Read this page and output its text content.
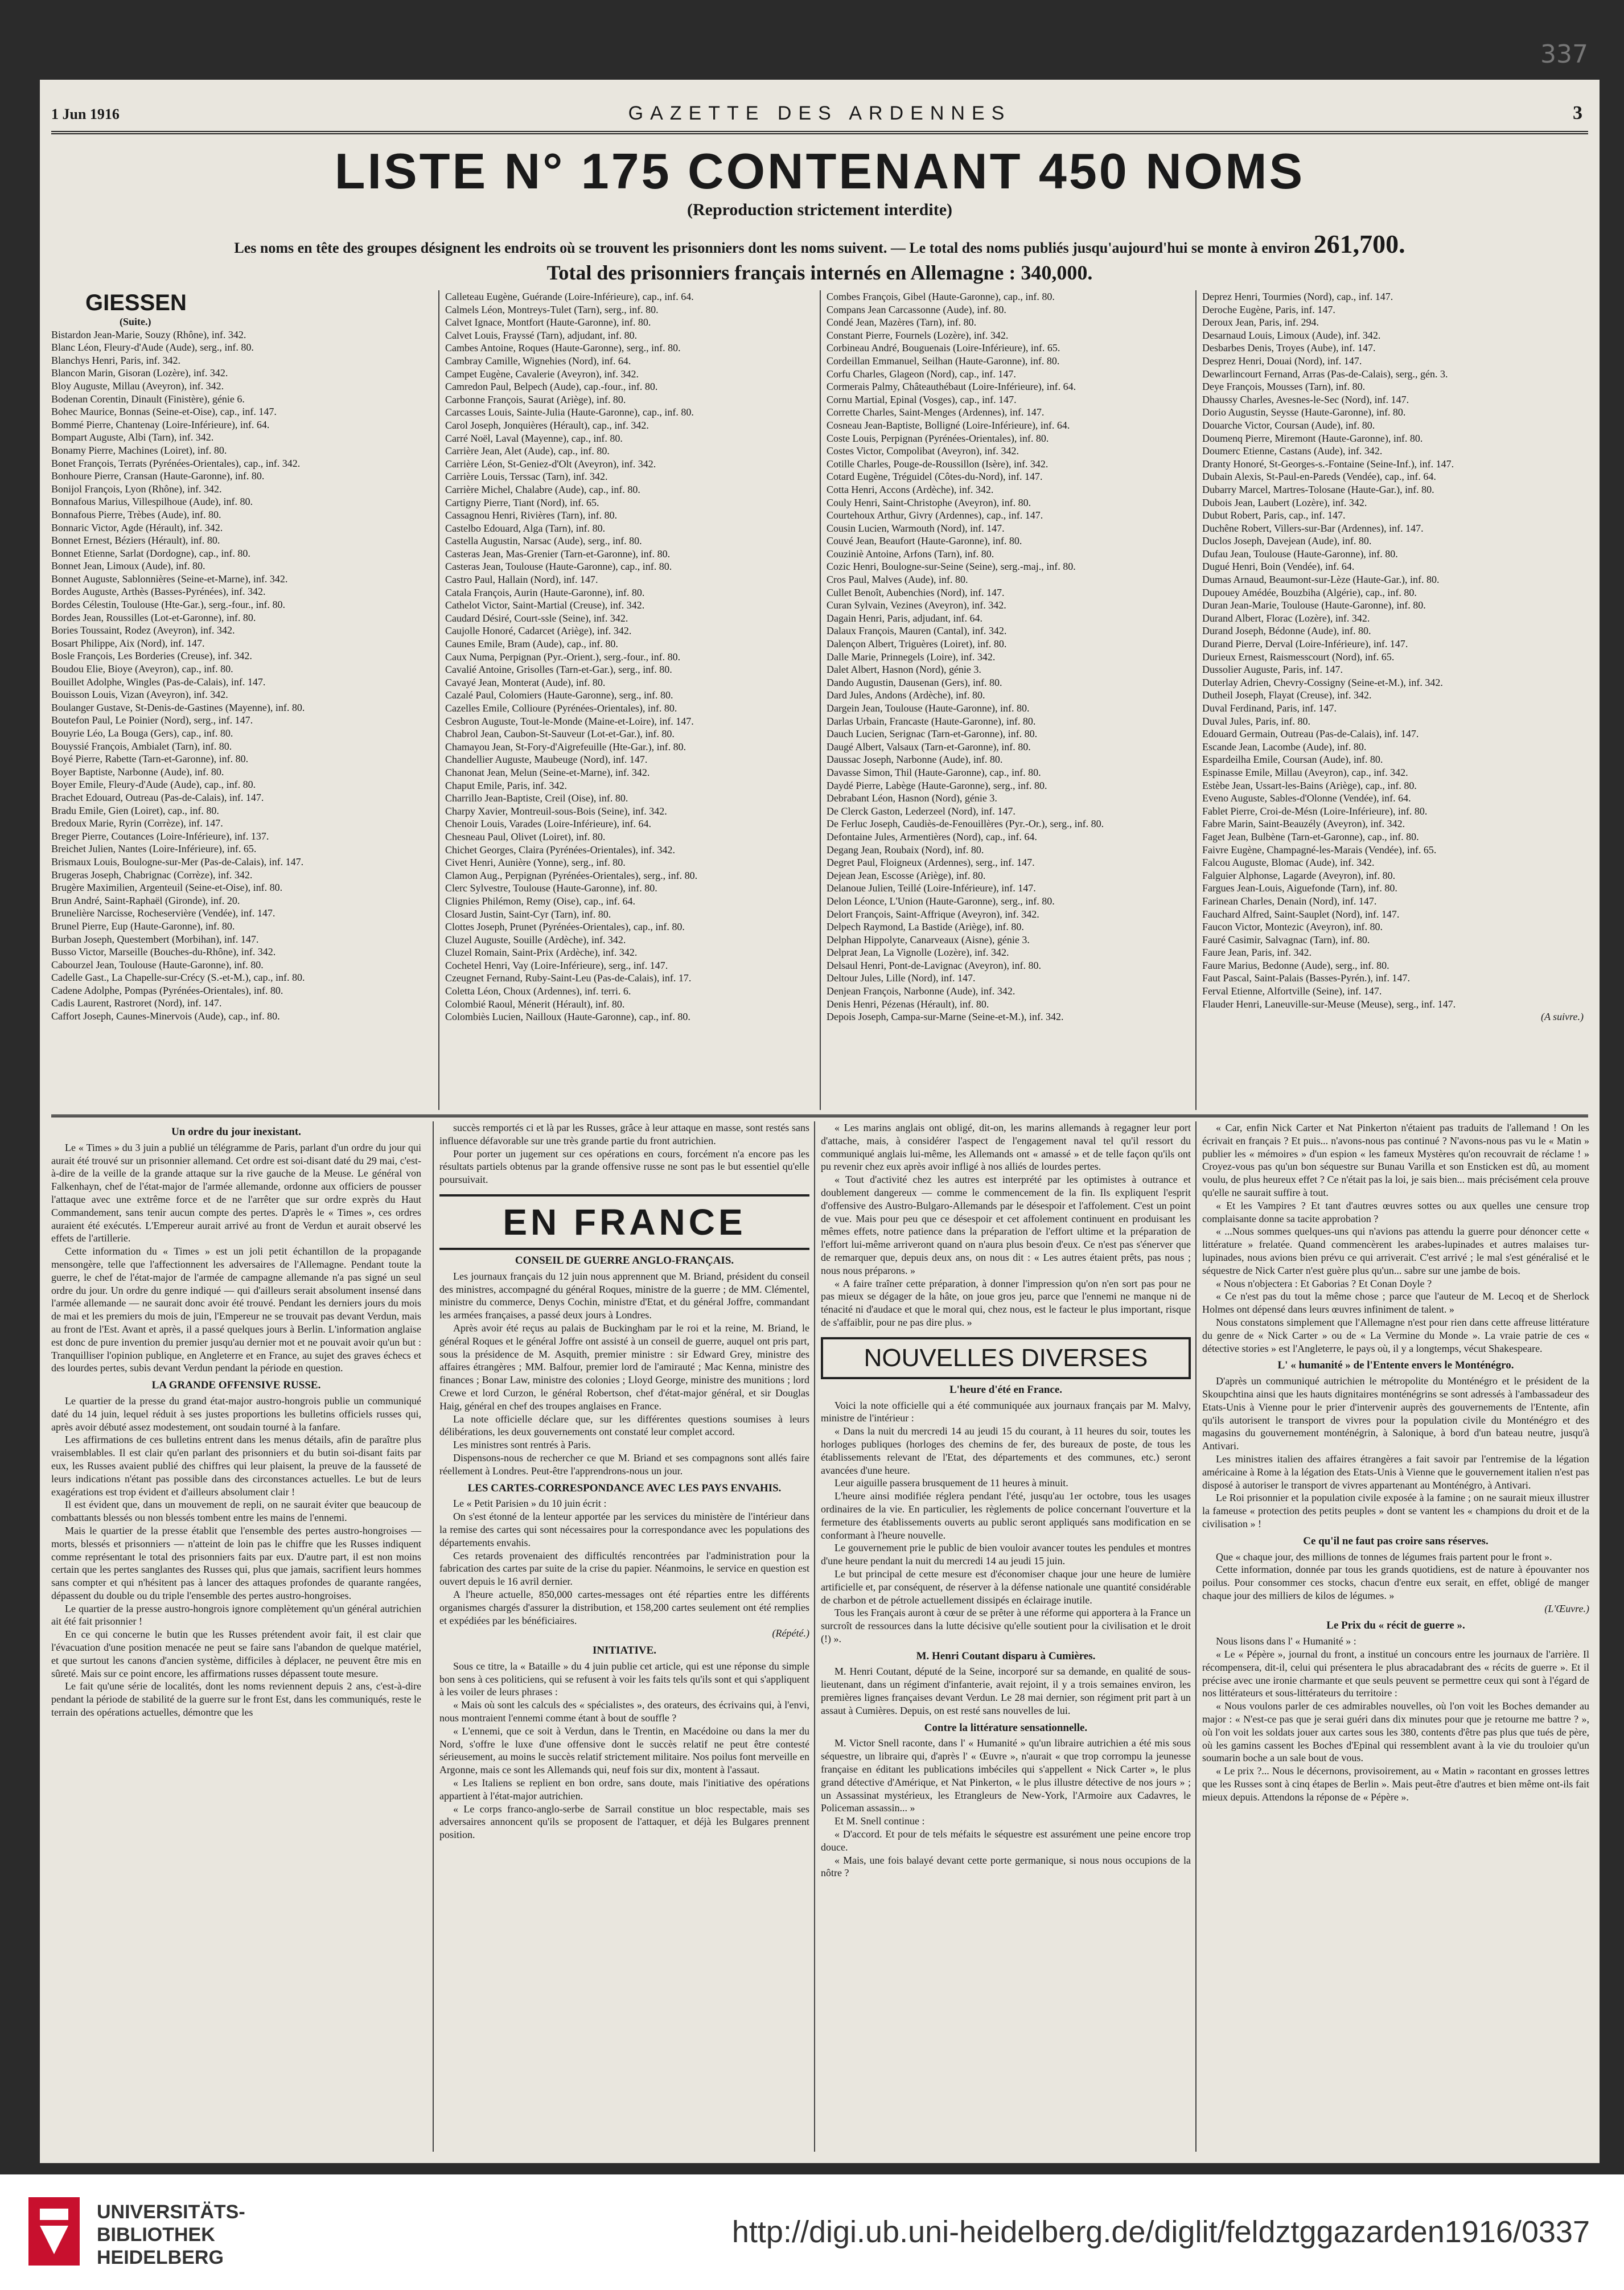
337
1 Jun 1916	GAZETTE DES ARDENNES	3
LISTE N° 175 CONTENANT 450 NOMS
(Reproduction strictement interdite)
Les noms en tête des groupes désignent les endroits où se trouvent les prisonniers dont les noms suivent. — Le total des noms publiés jusqu'aujourd'hui se monte à environ 261,700.
Total des prisonniers français internés en Allemagne : 340,000.
GIESSEN
(Suite.)
Bistardon Jean-Marie, Souzy (Rhône), inf. 342.
Blanc Léon, Fleury-d'Aude (Aude), serg., inf. 80.
Blanchys Henri, Paris, inf. 342.
Blancon Marin, Gisoran (Lozère), inf. 342.
Bloy Auguste, Millau (Aveyron), inf. 342.
Bodenan Corentin, Dinault (Finistère), génie 6.
Bohec Maurice, Bonnas (Seine-et-Oise), cap., inf. 147.
Bommé Pierre, Chantenay (Loire-Inférieure), inf. 64.
Bompart Auguste, Albi (Tarn), inf. 342.
Bonamy Pierre, Machines (Loiret), inf. 80.
Bonet François, Terrats (Pyrénées-Orientales), cap., inf. 342.
Bonhoure Pierre, Cransan (Haute-Garonne), inf. 80.
Bonijol François, Lyon (Rhône), inf. 342.
Bonnafous Marius, Villespilhoue (Aude), inf. 80.
Bonnafous Pierre, Trèbes (Aude), inf. 80.
Bonnaric Victor, Agde (Hérault), inf. 342.
Bonnet Ernest, Béziers (Hérault), inf. 80.
Bonnet Etienne, Sarlat (Dordogne), cap., inf. 80.
Bonnet Jean, Limoux (Aude), inf. 80.
Bonnet Auguste, Sablonnières (Seine-et-Marne), inf. 342.
Bordes Auguste, Arthès (Basses-Pyrénées), inf. 342.
Bordes Célestin, Toulouse (Hte-Gar.), serg.-four., inf. 80.
Bordes Jean, Roussilles (Lot-et-Garonne), inf. 80.
Bories Toussaint, Rodez (Aveyron), inf. 342.
Bosart Philippe, Aix (Nord), inf. 147.
Bosle François, Les Borderies (Creuse), inf. 342.
Boudou Elie, Bioye (Aveyron), cap., inf. 80.
Bouillet Adolphe, Wingles (Pas-de-Calais), inf. 147.
Bouisson Louis, Vizan (Aveyron), inf. 342.
Boulanger Gustave, St-Denis-de-Gastines (Mayenne), inf. 80.
Boutefon Paul, Le Poinier (Nord), serg., inf. 147.
Bouyrie Léo, La Bouga (Gers), cap., inf. 80.
Bouyssié François, Ambialet (Tarn), inf. 80.
Boyé Pierre, Rabette (Tarn-et-Garonne), inf. 80.
Boyer Baptiste, Narbonne (Aude), inf. 80.
Boyer Emile, Fleury-d'Aude (Aude), cap., inf. 80.
Brachet Edouard, Outreau (Pas-de-Calais), inf. 147.
Bradu Emile, Gien (Loiret), cap., inf. 80.
Bredoux Marie, Ryrin (Corrèze), inf. 147.
Breger Pierre, Coutances (Loire-Inférieure), inf. 137.
Breichet Julien, Nantes (Loire-Inférieure), inf. 65.
Brismaux Louis, Boulogne-sur-Mer (Pas-de-Calais), inf. 147.
Brugeras Joseph, Chabrignac (Corrèze), inf. 342.
Brugère Maximilien, Argenteuil (Seine-et-Oise), inf. 80.
Brun André, Saint-Raphaël (Gironde), inf. 20.
Brunelière Narcisse, Rocheservière (Vendée), inf. 147.
Brunel Pierre, Eup (Haute-Garonne), inf. 80.
Burban Joseph, Questembert (Morbihan), inf. 147.
Busso Victor, Marseille (Bouches-du-Rhône), inf. 342.
Cabourzel Jean, Toulouse (Haute-Garonne), inf. 80.
Cadelle Gast., La Chapelle-sur-Crécy (S.-et-M.), cap., inf. 80.
Cadene Adolphe, Pompas (Pyrénées-Orientales), inf. 80.
Cadis Laurent, Rastroret (Nord), inf. 147.
Caffort Joseph, Caunes-Minervois (Aude), cap., inf. 80.
Calleteau Eugène, Guérande (Loire-Inférieure), cap., inf. 64.
Calmels Léon, Montreys-Tulet (Tarn), serg., inf. 80.
Calvet Ignace, Montfort (Haute-Garonne), inf. 80.
Calvet Louis, Frayssé (Tarn), adjudant, inf. 80.
Cambes Antoine, Roques (Haute-Garonne), serg., inf. 80.
Cambray Camille, Wignehies (Nord), inf. 64.
Campet Eugène, Cavalerie (Aveyron), inf. 342.
Camredon Paul, Belpech (Aude), cap.-four., inf. 80.
Carbonne François, Saurat (Ariège), inf. 80.
Carcasses Louis, Sainte-Julia (Haute-Garonne), cap., inf. 80.
Carol Joseph, Jonquières (Hérault), cap., inf. 342.
Carré Noël, Laval (Mayenne), cap., inf. 80.
Carrière Jean, Alet (Aude), cap., inf. 80.
Carrière Léon, St-Geniez-d'Olt (Aveyron), inf. 342.
Carrière Louis, Terssac (Tarn), inf. 342.
Carrière Michel, Chalabre (Aude), cap., inf. 80.
Cartigny Pierre, Tiant (Nord), inf. 65.
Cassagnou Henri, Rivières (Tarn), inf. 80.
Castelbo Edouard, Alga (Tarn), inf. 80.
Castella Augustin, Narsac (Aude), serg., inf. 80.
Casteras Jean, Mas-Grenier (Tarn-et-Garonne), inf. 80.
Casteras Jean, Toulouse (Haute-Garonne), cap., inf. 80.
Castro Paul, Hallain (Nord), inf. 147.
Catala François, Aurin (Haute-Garonne), inf. 80.
Cathelot Victor, Saint-Martial (Creuse), inf. 342.
Caudard Désiré, Court-ssle (Seine), inf. 342.
Caujolle Honoré, Cadarcet (Ariège), inf. 342.
Caunes Emile, Bram (Aude), cap., inf. 80.
Caux Numa, Perpignan (Pyr.-Orient.), serg.-four., inf. 80.
Cavalié Antoine, Grisolles (Tarn-et-Gar.), serg., inf. 80.
Cavayé Jean, Monterat (Aude), inf. 80.
Cazalé Paul, Colomiers (Haute-Garonne), serg., inf. 80.
Cazelles Emile, Collioure (Pyrénées-Orientales), inf. 80.
Cesbron Auguste, Tout-le-Monde (Maine-et-Loire), inf. 147.
Chabrol Jean, Caubon-St-Sauveur (Lot-et-Gar.), inf. 80.
Chamayou Jean, St-Fory-d'Aigrefeuille (Hte-Gar.), inf. 80.
Chandellier Auguste, Maubeuge (Nord), inf. 147.
Chanonat Jean, Melun (Seine-et-Marne), inf. 342.
Chaput Emile, Paris, inf. 342.
Charrillo Jean-Baptiste, Creil (Oise), inf. 80.
Charpy Xavier, Montreuil-sous-Bois (Seine), inf. 342.
Chenoir Louis, Varades (Loire-Inférieure), inf. 64.
Chesneau Paul, Olivet (Loiret), inf. 80.
Chichet Georges, Claira (Pyrénées-Orientales), inf. 342.
Civet Henri, Aunière (Yonne), serg., inf. 80.
Clamon Aug., Perpignan (Pyrénées-Orientales), serg., inf. 80.
Clerc Sylvestre, Toulouse (Haute-Garonne), inf. 80.
Clignies Philémon, Remy (Oise), cap., inf. 64.
Closard Justin, Saint-Cyr (Tarn), inf. 80.
Clottes Joseph, Prunet (Pyrénées-Orientales), cap., inf. 80.
Cluzel Auguste, Souille (Ardèche), inf. 342.
Cluzel Romain, Saint-Prix (Ardèche), inf. 342.
Cochetel Henri, Vay (Loire-Inférieure), serg., inf. 147.
Czeugnet Fernand, Ruby-Saint-Leu (Pas-de-Calais), inf. 17.
Coletta Léon, Choux (Ardennes), inf. terri. 6.
Colombié Raoul, Ménerit (Hérault), inf. 80.
Colombiès Lucien, Nailloux (Haute-Garonne), cap., inf. 80.
Combes François, Gibel (Haute-Garonne), cap., inf. 80.
Compans Jean Carcassonne (Aude), inf. 80.
Condé Jean, Mazères (Tarn), inf. 80.
Constant Pierre, Fournels (Lozère), inf. 342.
Corbineau André, Bouguenais (Loire-Inférieure), inf. 65.
Cordeillan Emmanuel, Seilhan (Haute-Garonne), inf. 80.
Corfu Charles, Glageon (Nord), cap., inf. 147.
Cormerais Palmy, Châteauthébaut (Loire-Inférieure), inf. 64.
Cornu Martial, Epinal (Vosges), cap., inf. 147.
Corrette Charles, Saint-Menges (Ardennes), inf. 147.
Cosneau Jean-Baptiste, Bolligné (Loire-Inférieure), inf. 64.
Coste Louis, Perpignan (Pyrénées-Orientales), inf. 80.
Costes Victor, Compolibat (Aveyron), inf. 342.
Cotille Charles, Pouge-de-Roussillon (Isère), inf. 342.
Cotard Eugène, Tréguidel (Côtes-du-Nord), inf. 147.
Cotta Henri, Accons (Ardèche), inf. 342.
Couly Henri, Saint-Christophe (Aveyron), inf. 80.
Courtehoux Arthur, Givry (Ardennes), cap., inf. 147.
Cousin Lucien, Warmouth (Nord), inf. 147.
Couvé Jean, Beaufort (Haute-Garonne), inf. 80.
Couziniè Antoine, Arfons (Tarn), inf. 80.
Cozic Henri, Boulogne-sur-Seine (Seine), serg.-maj., inf. 80.
Cros Paul, Malves (Aude), inf. 80.
Cullet Benoît, Aubenchies (Nord), inf. 147.
Curan Sylvain, Vezines (Aveyron), inf. 342.
Dagain Henri, Paris, adjudant, inf. 64.
Dalaux François, Mauren (Cantal), inf. 342.
Dalençon Albert, Triguères (Loiret), inf. 80.
Dalle Marie, Prinnegels (Loire), inf. 342.
Dalet Albert, Hasnon (Nord), génie 3.
Dando Augustin, Dausenan (Gers), inf. 80.
Dard Jules, Andons (Ardèche), inf. 80.
Dargein Jean, Toulouse (Haute-Garonne), inf. 80.
Darlas Urbain, Francaste (Haute-Garonne), inf. 80.
Dauch Lucien, Serignac (Tarn-et-Garonne), inf. 80.
Daugé Albert, Valsaux (Tarn-et-Garonne), inf. 80.
Daussac Joseph, Narbonne (Aude), inf. 80.
Davasse Simon, Thil (Haute-Garonne), cap., inf. 80.
Daydé Pierre, Labège (Haute-Garonne), serg., inf. 80.
Debrabant Léon, Hasnon (Nord), génie 3.
De Clerck Gaston, Lederzeel (Nord), inf. 147.
De Ferluc Joseph, Caudiès-de-Fenouillères (Pyr.-Or.), serg., inf. 80.
Defontaine Jules, Armentières (Nord), cap., inf. 64.
Degang Jean, Roubaix (Nord), inf. 80.
Degret Paul, Floigneux (Ardennes), serg., inf. 147.
Dejean Jean, Escosse (Ariège), inf. 80.
Delanoue Julien, Teillé (Loire-Inférieure), inf. 147.
Delon Léonce, L'Union (Haute-Garonne), serg., inf. 80.
Delort François, Saint-Affrique (Aveyron), inf. 342.
Delpech Raymond, La Bastide (Ariège), inf. 80.
Delphan Hippolyte, Canarveaux (Aisne), génie 3.
Delprat Jean, La Vignolle (Lozère), inf. 342.
Delsaul Henri, Pont-de-Lavignac (Aveyron), inf. 80.
Deltour Jules, Lille (Nord), inf. 147.
Denjean François, Narbonne (Aude), inf. 342.
Denis Henri, Pézenas (Hérault), inf. 80.
Depois Joseph, Campa-sur-Marne (Seine-et-M.), inf. 342.
Deprez Henri, Tourmies (Nord), cap., inf. 147.
Deroche Eugène, Paris, inf. 147.
Deroux Jean, Paris, inf. 294.
Desarnaud Louis, Limoux (Aude), inf. 342.
Desbarbes Denis, Troyes (Aube), inf. 147.
Desprez Henri, Douai (Nord), inf. 147.
Dewarlincourt Fernand, Arras (Pas-de-Calais), serg., gén. 3.
Deye François, Mousses (Tarn), inf. 80.
Dhaussy Charles, Avesnes-le-Sec (Nord), inf. 147.
Dorio Augustin, Seysse (Haute-Garonne), inf. 80.
Douarche Victor, Coursan (Aude), inf. 80.
Doumenq Pierre, Miremont (Haute-Garonne), inf. 80.
Doumerc Etienne, Castans (Aude), inf. 342.
Dranty Honoré, St-Georges-s.-Fontaine (Seine-Inf.), inf. 147.
Dubain Alexis, St-Paul-en-Pareds (Vendée), cap., inf. 64.
Dubarry Marcel, Martres-Tolosane (Haute-Gar.), inf. 80.
Dubois Jean, Laubert (Lozère), inf. 342.
Dubut Robert, Paris, cap., inf. 147.
Duchêne Robert, Villers-sur-Bar (Ardennes), inf. 147.
Duclos Joseph, Davejean (Aude), inf. 80.
Dufau Jean, Toulouse (Haute-Garonne), inf. 80.
Dugué Henri, Boin (Vendée), inf. 64.
Dumas Arnaud, Beaumont-sur-Lèze (Haute-Gar.), inf. 80.
Dupouey Amédée, Bouzbiha (Algérie), cap., inf. 80.
Duran Jean-Marie, Toulouse (Haute-Garonne), inf. 80.
Durand Albert, Florac (Lozère), inf. 342.
Durand Joseph, Bédonne (Aude), inf. 80.
Durand Pierre, Derval (Loire-Inférieure), inf. 147.
Durieux Ernest, Raismesscourt (Nord), inf. 65.
Dussolier Auguste, Paris, inf. 147.
Duterlay Adrien, Chevry-Cossigny (Seine-et-M.), inf. 342.
Dutheil Joseph, Flayat (Creuse), inf. 342.
Duval Ferdinand, Paris, inf. 147.
Duval Jules, Paris, inf. 80.
Edouard Germain, Outreau (Pas-de-Calais), inf. 147.
Escande Jean, Lacombe (Aude), inf. 80.
Espardeilha Emile, Coursan (Aude), inf. 80.
Espinasse Emile, Millau (Aveyron), cap., inf. 342.
Estèbe Jean, Ussart-les-Bains (Ariège), cap., inf. 80.
Eveno Auguste, Sables-d'Olonne (Vendée), inf. 64.
Fablet Pierre, Croi-de-Mésn (Loire-Inférieure), inf. 80.
Fabre Marin, Saint-Beauzély (Aveyron), inf. 342.
Faget Jean, Bulbène (Tarn-et-Garonne), cap., inf. 80.
Faivre Eugène, Champagné-les-Marais (Vendée), inf. 65.
Falcou Auguste, Blomac (Aude), inf. 342.
Falguier Alphonse, Lagarde (Aveyron), inf. 80.
Fargues Jean-Louis, Aiguefonde (Tarn), inf. 80.
Farinean Charles, Denain (Nord), inf. 147.
Fauchard Alfred, Saint-Sauplet (Nord), inf. 147.
Faucon Victor, Montezic (Aveyron), inf. 80.
Fauré Casimir, Salvagnac (Tarn), inf. 80.
Faure Jean, Paris, inf. 342.
Faure Marius, Bedonne (Aude), serg., inf. 80.
Faut Pascal, Saint-Palais (Basses-Pyrén.), inf. 147.
Ferval Etienne, Alfortville (Seine), inf. 147.
Flauder Henri, Laneuville-sur-Meuse (Meuse), serg., inf. 147.
(A suivre.)
Un ordre du jour inexistant.

Le « Times » du 3 juin a publié un télégramme de Paris, parlant d'un ordre du jour qui aurait été trouvé sur un prisonnier allemand. Cet ordre est soi-disant daté du 29 mai, c'est-à-dire de la veille de la grande attaque sur la rive gauche de la Meuse. Le général von Falkenhayn, chef de l'état-major de l'armée allemande, ordonne aux officiers de pousser l'attaque avec une extrême force et de ne l'arrêter que sur ordre exprès du Haut Commandement, sans tenir aucun compte des pertes. D'après le « Times », ces ordres auraient été exécutés. L'Empereur aurait arrivé au front de Verdun et aurait observé les effets de l'artillerie.

Cette information du « Times » est un joli petit échantillon de la propagande mensongère, telle que l'affectionnent les adversaires de l'Allemagne. Pendant toute la guerre, le chef de l'état-major de l'armée de campagne allemande n'a pas signé un seul ordre du jour. Un ordre du genre indiqué — qui d'ailleurs serait absolument insensé dans l'armée allemande — ne saurait donc avoir été trouvé. Pendant les derniers jours du mois de mai et les premiers du mois de juin, l'Empereur ne se trouvait pas devant Verdun, mais au front de l'Est. Avant et après, il a passé quelques jours à Berlin. L'information anglaise est donc de pure invention du premier jusqu'au dernier mot et ne pouvait avoir qu'un but : Tranquilliser l'opinion publique, en Angleterre et en France, au sujet des graves échecs et des lourdes pertes, subis devant Verdun pendant la période en question.

LA GRANDE OFFENSIVE RUSSE.

Le quartier de la presse du grand état-major austro-hongrois publie un communiqué daté du 14 juin, lequel réduit à ses justes proportions les bulletins officiels russes qui, après avoir débuté assez modestement, ont soudain tourné à la fanfare.

Les affirmations de ces bulletins entrent dans les menus détails, afin de paraître plus vraisemblables. Il est clair qu'en parlant des prisonniers et du butin soi-disant faits par eux, les Russes avaient publié des chiffres qui leur plaisent, la preuve de la fausseté de leurs indications n'étant pas possible dans des circonstances actuelles. Le but de leurs exagérations est trop évident et d'ailleurs absolument clair !

Il est évident que, dans un mouvement de repli, on ne saurait éviter que beaucoup de combattants blessés ou non blessés tombent entre les mains de l'ennemi.

Mais le quartier de la presse établit que l'ensemble des pertes austro-hongroises — morts, blessés et prisonniers — n'atteint de loin pas le chiffre que les Russes indiquent comme représentant le total des prisonniers faits par eux. D'autre part, il est non moins certain que les pertes sanglantes des Russes qui, plus que jamais, sacrifient leurs hommes sans compter et qui n'hésitent pas à lancer des attaques profondes de quarante rangées, dépassent du double ou du triple l'ensemble des pertes austro-hongroises.

Le quartier de la presse austro-hongrois ignore complètement qu'un général autrichien ait été fait prisonnier !

En ce qui concerne le butin que les Russes prétendent avoir fait, il est clair que l'évacuation d'une position menacée ne peut se faire sans l'abandon de quelque matériel, et que surtout les canons d'ancien système, difficiles à déplacer, ne peuvent être mis en sûreté. Mais sur ce point encore, les affirmations russes dépassent toute mesure.

Le fait qu'une série de localités, dont les noms reviennent depuis 2 ans, c'est-à-dire pendant la période de stabilité de la guerre sur le front Est, dans les communiqués, reste le terrain des opérations actuelles, démontre que les

succès remportés ci et là par les Russes, grâce à leur attaque en masse, sont restés sans influence défavorable sur une très grande partie du front autrichien.

Pour porter un jugement sur ces opérations en cours, forcément n'a encore pas les résultats partiels obtenus par la grande offensive russe ne sont pas le but essentiel qu'elle poursuivait.

EN FRANCE
CONSEIL DE GUERRE ANGLO-FRANÇAIS.

Les journaux français du 12 juin nous apprennent que M. Briand, président du conseil des ministres, accompagné du général Roques, ministre de la guerre ; de MM. Clémentel, ministre du commerce, Denys Cochin, ministre d'Etat, et du général Joffre, commandant les armées françaises, a passé deux jours à Londres.

Après avoir été reçus au palais de Buckingham par le roi et la reine, M. Briand, le général Roques et le général Joffre ont assisté à un conseil de guerre, auquel ont pris part, sous la présidence de M. Asquith, premier ministre : sir Edward Grey, ministre des affaires étrangères ; MM. Balfour, premier lord de l'amirauté ; Mac Kenna, ministre des finances ; Bonar Law, ministre des colonies ; Lloyd George, ministre des munitions ; lord Crewe et lord Curzon, le général Robertson, chef d'état-major général, et sir Douglas Haig, général en chef des troupes anglaises en France.

La note officielle déclare que, sur les différentes questions soumises à leurs délibérations, les deux gouvernements ont constaté leur complet accord.

Les ministres sont rentrés à Paris.

Dispensons-nous de rechercher ce que M. Briand et ses compagnons sont allés faire réellement à Londres. Peut-être l'apprendrons-nous un jour.

LES CARTES-CORRESPONDANCE AVEC LES PAYS ENVAHIS.

Le « Petit Parisien » du 10 juin écrit :

On s'est étonné de la lenteur apportée par les services du ministère de l'intérieur dans la remise des cartes qui sont nécessaires pour la correspondance avec les populations des départements envahis.

Ces retards provenaient des difficultés rencontrées par l'administration pour la fabrication des cartes par suite de la crise du papier. Néanmoins, le service en question est ouvert depuis le 16 avril dernier.

A l'heure actuelle, 850,000 cartes-messages ont été réparties entre les différents organismes chargés d'assurer la distribution, et 158,200 cartes seulement ont été remplies et expédiées par les bénéficiaires.

(Répété.)
INITIATIVE.

Sous ce titre, la « Bataille » du 4 juin publie cet article, qui est une réponse du simple bon sens à ces politiciens, qui se refusent à voir les faits tels qu'ils sont et qui s'appliquent à les voiler de leurs phrases :

« Mais où sont les calculs des « spécialistes », des orateurs, des écrivains qui, à l'envi, nous montraient l'ennemi comme étant à bout de souffle ?

« L'ennemi, que ce soit à Verdun, dans le Trentin, en Macédoine ou dans la mer du Nord, s'offre le luxe d'une offensive dont le succès relatif ne peut être contesté sérieusement, au moins le succès relatif strictement militaire. Nos poilus font merveille en Argonne, mais ce sont les Allemands qui, neuf fois sur dix, montent à l'assaut.

« Les Italiens se replient en bon ordre, sans doute, mais l'initiative des opérations appartient à l'état-major autrichien.

« Le corps franco-anglo-serbe de Sarrail constitue un bloc respectable, mais ses adversaires annoncent qu'ils se proposent de l'attaquer, et déjà les Bulgares prennent position.

« Les marins anglais ont obligé, dit-on, les marins allemands à regagner leur port d'attache, mais, à considérer l'aspect de l'engagement naval tel qu'il ressort du communiqué anglais lui-même, les Allemands ont « amassé » et de telle façon qu'ils ont pu revenir chez eux après avoir infligé à nos alliés de lourdes pertes.

« Tout d'activité chez les autres est interprété par les optimistes à outrance et doublement dangereux — comme le commencement de la fin. Ils expliquent l'esprit d'offensive des Austro-Bulgaro-Allemands par le désespoir et l'affolement. C'est un point de vue. Mais pour peu que ce désespoir et cet affolement continuent en produisant les mêmes effets, notre patience dans la préparation de l'effort ultime et la préparation de l'effort lui-même arriveront quand on n'aura plus besoin d'eux. Ce n'est pas s'énerver que de remarquer que, depuis deux ans, on nous dit : « Les autres étaient prêts, pas nous ; nous nous préparons. »

« A faire traîner cette préparation, à donner l'impression qu'on n'en sort pas pour ne pas mieux se dégager de la hâte, on joue gros jeu, parce que l'ennemi ne manque ni de ténacité ni d'audace et que le moral qui, chez nous, est le facteur le plus important, risque de s'affaiblir, pour ne pas dire plus. »

NOUVELLES DIVERSES
L'heure d'été en France.

Voici la note officielle qui a été communiquée aux journaux français par M. Malvy, ministre de l'intérieur :

« Dans la nuit du mercredi 14 au jeudi 15 du courant, à 11 heures du soir, toutes les horloges publiques (horloges des chemins de fer, des bureaux de poste, de tous les établissements relevant de l'Etat, des départements et des communes, etc.) seront avancées d'une heure.

Leur aiguille passera brusquement de 11 heures à minuit.

L'heure ainsi modifiée réglera pendant l'été, jusqu'au 1er octobre, tous les usages ordinaires de la vie. En particulier, les règlements de police concernant l'ouverture et la fermeture des établissements ouverts au public seront appliqués sans modification en se conformant à l'heure nouvelle.

Le gouvernement prie le public de bien vouloir avancer toutes les pendules et montres d'une heure pendant la nuit du mercredi 14 au jeudi 15 juin.

Le but principal de cette mesure est d'économiser chaque jour une heure de lumière artificielle et, par conséquent, de réserver à la défense nationale une quantité considérable de charbon et de pétrole actuellement dissipés en éclairage inutile.

Tous les Français auront à cœur de se prêter à une réforme qui apportera à la France un surcroît de ressources dans la lutte décisive qu'elle soutient pour la civilisation et le droit (!) ».

M. Henri Coutant disparu à Cumières.

M. Henri Coutant, député de la Seine, incorporé sur sa demande, en qualité de sous-lieutenant, dans un régiment d'infanterie, avait rejoint, il y a trois semaines environ, les premières lignes françaises devant Verdun. Le 28 mai dernier, son régiment prit part à un assaut à Cumières. Depuis, on est resté sans nouvelles de lui.

Contre la littérature sensationnelle.

M. Victor Snell raconte, dans l' « Humanité » qu'un libraire autrichien a été mis sous séquestre, un libraire qui, d'après l' « Œuvre », n'aurait « que trop corrompu la jeunesse française en éditant les publications imbéciles qui s'appellent « Nick Carter », le plus grand détective d'Amérique, et Nat Pinkerton, « le plus illustre détective de nos jours » ; un Assassinat mystérieux, les Etrangleurs de New-York, l'Armoire aux Cadavres, le Policeman assassin... »

Et M. Snell continue :

« D'accord. Et pour de tels méfaits le séquestre est assurément une peine encore trop douce.

« Mais, une fois balayé devant cette porte germanique, si nous nous occupions de la nôtre ?

« Car, enfin Nick Carter et Nat Pinkerton n'étaient pas traduits de l'allemand ! On les écrivait en français ? Et puis... n'avons-nous pas continué ? N'avons-nous pas vu le « Matin » publier les « mémoires » d'un espion « les fameux Mystères qu'on recouvrait de réclame ! » Croyez-vous pas qu'un bon séquestre sur Bunau Varilla et son Ensticken est dû, au moment voulu, de plus heureux effet ? Ce n'était pas la loi, je sais bien... mais précisément cela prouve qu'elle ne saurait suffire à tout.

« Et les Vampires ? Et tant d'autres œuvres sottes ou aux quelles une censure trop complaisante donne sa tacite approbation ?

« ...Nous sommes quelques-uns qui n'avions pas attendu la guerre pour dénoncer cette « littérature » frelatée. Quand commencèrent les arabes-lupinades et autres malaises tur-lupinades, nous avions bien prévu ce qui arriverait. C'est arrivé ; le mal s'est généralisé et le séquestre de Nick Carter n'est guère plus qu'un... sabre sur une jambe de bois.

« Nous n'objectera : Et Gaborias ? Et Conan Doyle ?

« Ce n'est pas du tout la même chose ; parce que l'auteur de M. Lecoq et de Sherlock Holmes ont dépensé dans leurs œuvres infiniment de talent. »

Nous constatons simplement que l'Allemagne n'est pour rien dans cette affreuse littérature du genre de « Nick Carter » ou de « La Vermine du Monde ». La vraie patrie de ces « détective stories » est l'Angleterre, le pays où, il y a longtemps, vécut Shakespeare.

L' « humanité » de l'Entente envers le Monténégro.

D'après un communiqué autrichien le métropolite du Monténégro et le président de la Skoupchtina ainsi que les hauts dignitaires monténégrins se sont adressés à l'ambassadeur des Etats-Unis à Vienne pour le prier d'intervenir auprès des gouvernements de l'Entente, afin qu'ils autorisent le transport de vivres pour la population civile du Monténégro et des magasins du gouvernement monténégrin, à Salonique, à bord d'un bateau neutre, jusqu'à Antivari.

Les ministres italien des affaires étrangères a fait savoir par l'entremise de la légation américaine à Rome à la légation des Etats-Unis à Vienne que le gouvernement italien n'est pas disposé à autoriser le transport de vivres appartenant au Monténégro, à Antivari.

Le Roi prisonnier et la population civile exposée à la famine ; on ne saurait mieux illustrer la fameuse « protection des petits peuples » dont se vantent les « champions du droit et de la civilisation » !

Ce qu'il ne faut pas croire sans réserves.

Que « chaque jour, des millions de tonnes de légumes frais partent pour le front ».

Cette information, donnée par tous les grands quotidiens, est de nature à épouvanter nos poilus. Pour consommer ces stocks, chacun d'entre eux serait, en effet, obligé de manger chaque jour des milliers de kilos de légumes. »

(L'Œuvre.)
Le Prix du « récit de guerre ».

Nous lisons dans l' « Humanité » :

« Le « Pépère », journal du front, a institué un concours entre les journaux de l'arrière. Il récompensera, dit-il, celui qui présentera le plus abracadabrant des « récits de guerre ». Et il précise avec une ironie charmante et que seuls peuvent se permettre ceux qui sont à l'égard de nos littérateurs et sous-littérateurs du territoire :

« Nous voulons parler de ces admirables nouvelles, où l'on voit les Boches demander au major : « N'est-ce pas que je serai guéri dans dix minutes pour que je retourne me battre ? », où l'on voit les soldats jouer aux cartes sous les 380, contents d'être pas plus que tués de père, où les gamins cassent les Boches d'Epinal qui ressemblent avant à la vie du trouloier qu'un soumarin boche a un sale bout de vous.

« Le prix ?... Nous le décernons, provisoirement, au « Matin » racontant en grosses lettres que les Russes sont à cinq étapes de Berlin ». Mais peut-être d'autres et bien même ont-ils fait mieux depuis. Attendons la réponse de « Pépère ».

UNIVERSITÄTS-
BIBLIOTHEK
HEIDELBERG
http://digi.ub.uni-heidelberg.de/diglit/feldztggazarden1916/0337
